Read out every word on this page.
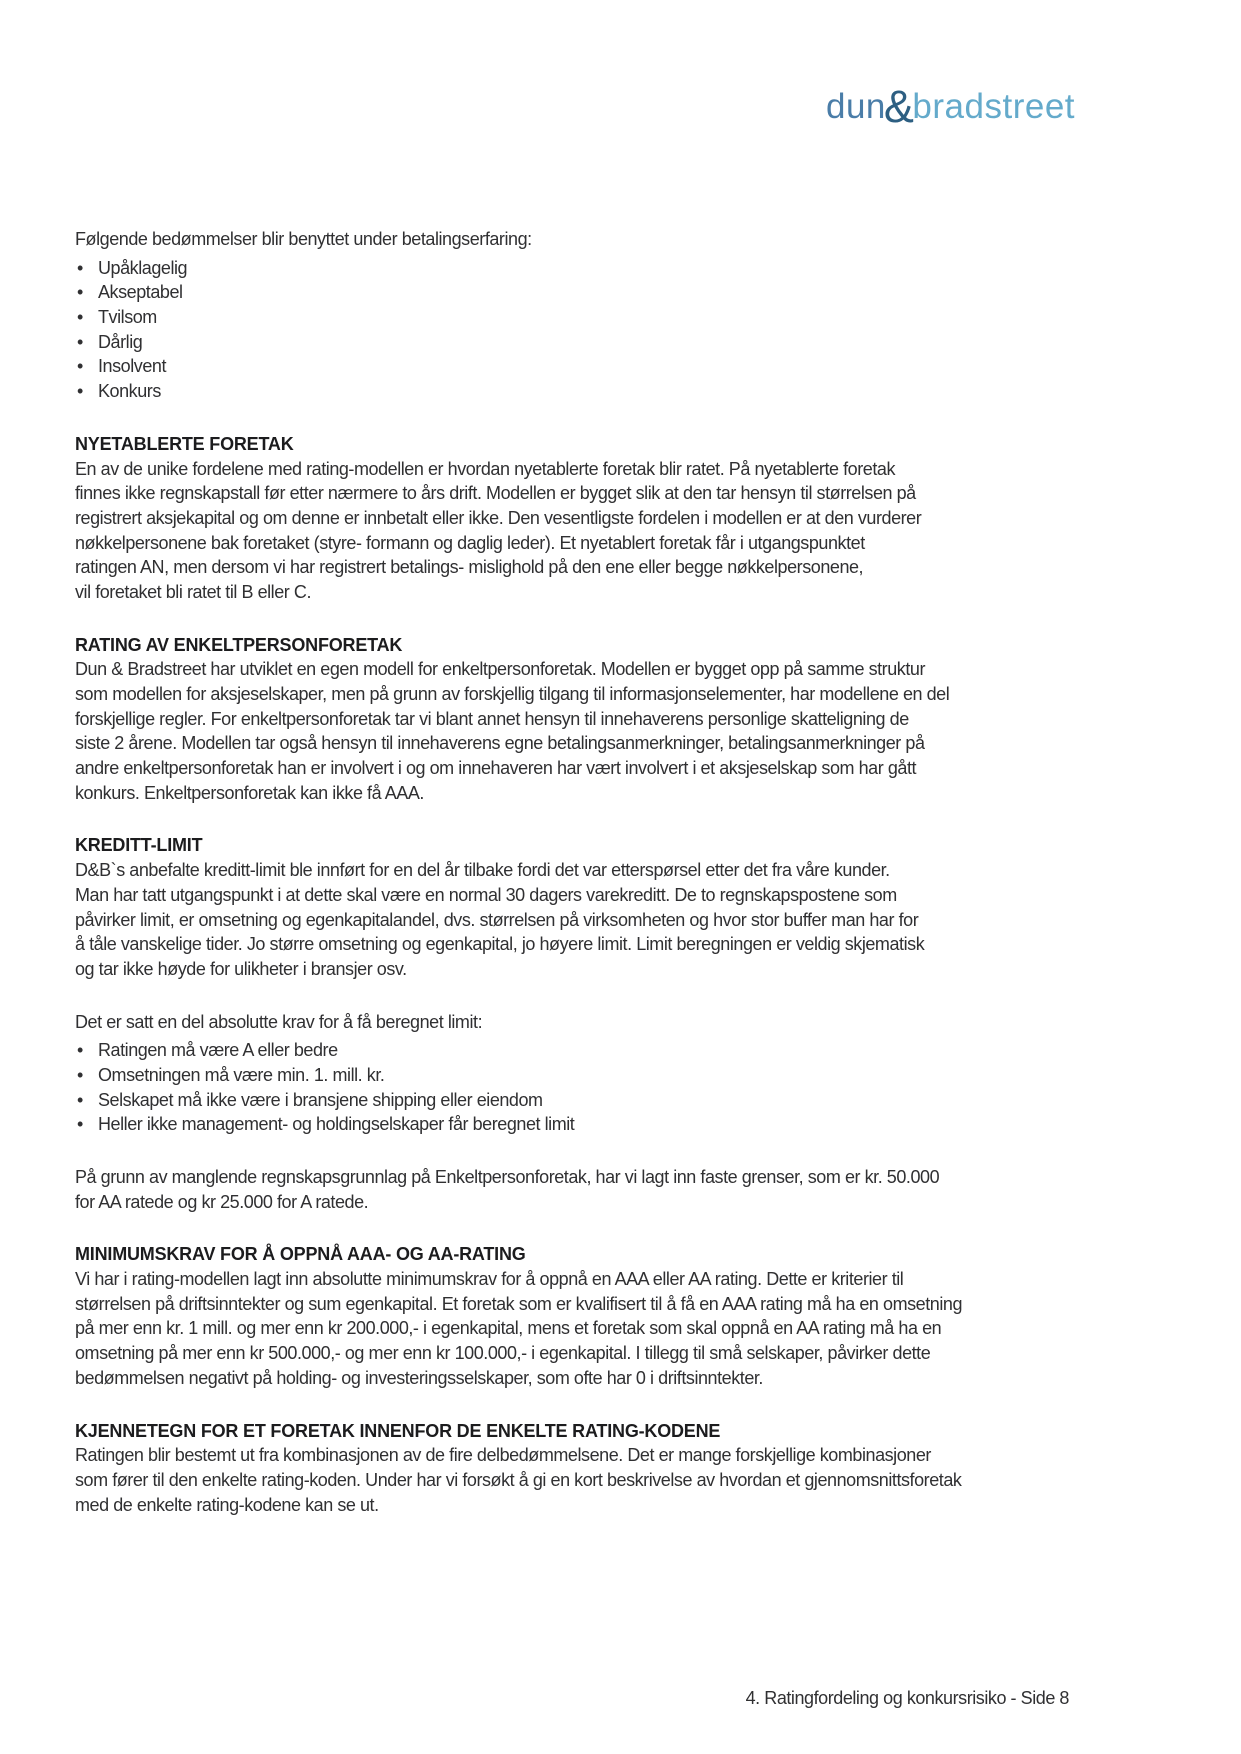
dun
&
bradstreet
Følgende bedømmelser blir benyttet under betalingserfaring:
• Upåklagelig
• Akseptabel
• Tvilsom
• Dårlig
• Insolvent
• Konkurs
NYETABLERTE FORETAK
En av de unike fordelene med rating-modellen er hvordan nyetablerte foretak blir ratet. På nyetablerte foretak
finnes ikke regnskapstall før etter nærmere to års drift. Modellen er bygget slik at den tar hensyn til størrelsen på
registrert aksjekapital og om denne er innbetalt eller ikke. Den vesentligste fordelen i modellen er at den vurderer
nøkkelpersonene bak foretaket (styre- formann og daglig leder). Et nyetablert foretak får i utgangspunktet
ratingen AN, men dersom vi har registrert betalings- mislighold på den ene eller begge nøkkelpersonene,
vil foretaket bli ratet til B eller C.
RATING AV ENKELTPERSONFORETAK
Dun & Bradstreet har utviklet en egen modell for enkeltpersonforetak. Modellen er bygget opp på samme struktur
som modellen for aksjeselskaper, men på grunn av forskjellig tilgang til informasjonselementer, har modellene en del
forskjellige regler. For enkeltpersonforetak tar vi blant annet hensyn til innehaverens personlige skatteligning de
siste 2 årene. Modellen tar også hensyn til innehaverens egne betalingsanmerkninger, betalingsanmerkninger på
andre enkeltpersonforetak han er involvert i og om innehaveren har vært involvert i et aksjeselskap som har gått
konkurs. Enkeltpersonforetak kan ikke få AAA.
KREDITT-LIMIT
D&B`s anbefalte kreditt-limit ble innført for en del år tilbake fordi det var etterspørsel etter det fra våre kunder.
Man har tatt utgangspunkt i at dette skal være en normal 30 dagers varekreditt. De to regnskapspostene som
påvirker limit, er omsetning og egenkapitalandel, dvs. størrelsen på virksomheten og hvor stor buffer man har for
å tåle vanskelige tider. Jo større omsetning og egenkapital, jo høyere limit. Limit beregningen er veldig skjematisk
og tar ikke høyde for ulikheter i bransjer osv.
Det er satt en del absolutte krav for å få beregnet limit:
• Ratingen må være A eller bedre
• Omsetningen må være min. 1. mill. kr.
• Selskapet må ikke være i bransjene shipping eller eiendom
• Heller ikke management- og holdingselskaper får beregnet limit
På grunn av manglende regnskapsgrunnlag på Enkeltpersonforetak, har vi lagt inn faste grenser, som er kr. 50.000
for AA ratede og kr 25.000 for A ratede.
MINIMUMSKRAV FOR Å OPPNÅ AAA- OG AA-RATING
Vi har i rating-modellen lagt inn absolutte minimumskrav for å oppnå en AAA eller AA rating. Dette er kriterier til
størrelsen på driftsinntekter og sum egenkapital. Et foretak som er kvalifisert til å få en AAA rating må ha en omsetning
på mer enn kr. 1 mill. og mer enn kr 200.000,- i egenkapital, mens et foretak som skal oppnå en AA rating må ha en
omsetning på mer enn kr 500.000,- og mer enn kr 100.000,- i egenkapital. I tillegg til små selskaper, påvirker dette
bedømmelsen negativt på holding- og investeringsselskaper, som ofte har 0 i driftsinntekter.
KJENNETEGN FOR ET FORETAK INNENFOR DE ENKELTE RATING-KODENE
Ratingen blir bestemt ut fra kombinasjonen av de fire delbedømmelsene. Det er mange forskjellige kombinasjoner
som fører til den enkelte rating-koden. Under har vi forsøkt å gi en kort beskrivelse av hvordan et gjennomsnittsforetak
med de enkelte rating-kodene kan se ut.
4. Ratingfordeling og konkursrisiko - Side 8
